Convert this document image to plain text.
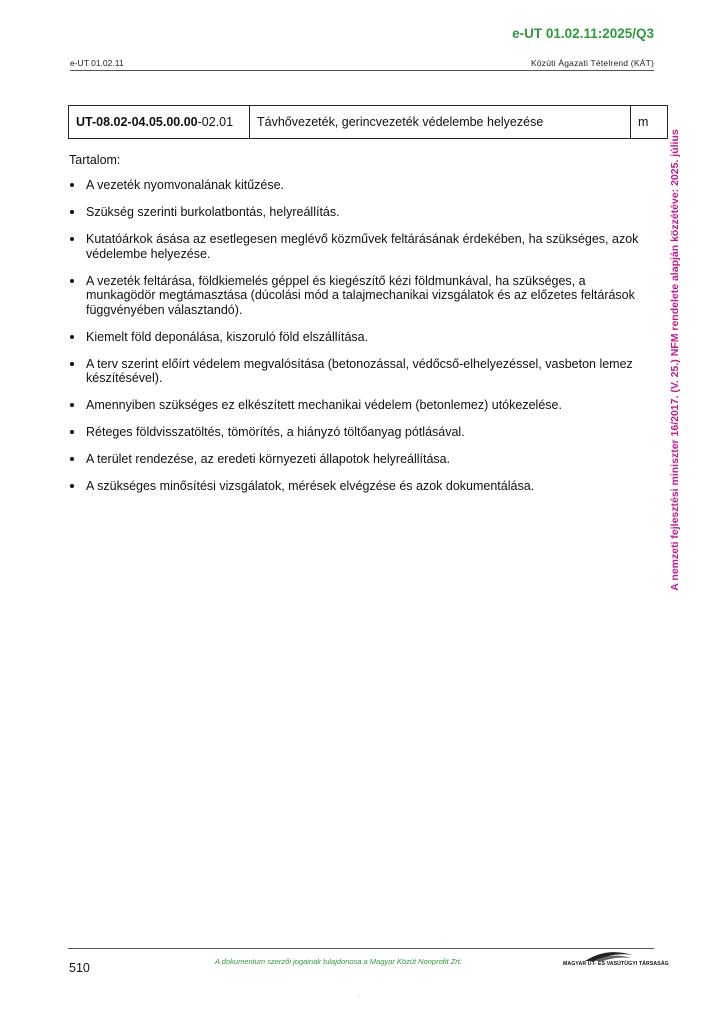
e-UT 01.02.11:2025/Q3
e-UT 01.02.11	Közúti Ágazati Tételrend (KÁT)
UT-08.02-04.05.00.00-02.01	Távhővezeték, gerincvezeték védelembe helyezése	m
Tartalom:
A vezeték nyomvonalának kitűzése.
Szükség szerinti burkolatbontás, helyreállítás.
Kutatóárkok ásása az esetlegesen meglévő közművek feltárásának érdekében, ha szükséges, azok védelembe helyezése.
A vezeték feltárása, földkiemelés géppel és kiegészítő kézi földmunkával, ha szükséges, a munkagödör megtámasztása (dúcolási mód a talajmechanikai vizsgálatok és az előzetes feltárások függvényében választandó).
Kiemelt föld deponálása, kiszoruló föld elszállítása.
A terv szerint előírt védelem megvalósítása (betonozással, védőcső-elhelyezéssel, vasbeton lemez készítésével).
Amennyiben szükséges ez elkészített mechanikai védelem (betonlemez) utókezelése.
Réteges földvisszatöltés, tömörítés, a hiányzó töltőanyag pótlásával.
A terület rendezése, az eredeti környezeti állapotok helyreállítása.
A szükséges minősítési vizsgálatok, mérések elvégzése és azok dokumentálása.	A nemzeti fejlesztési miniszter 16/2017. (V. 25.) NFM rendelete alapján közzétéve: 2025. július
510	A dokumentum szerzői jogainak tulajdonosa a Magyar Közút Nonprofit Zrt.	MAGYAR ÚT- ÉS VASÚTÜGYI TÁRSASÁG
.
